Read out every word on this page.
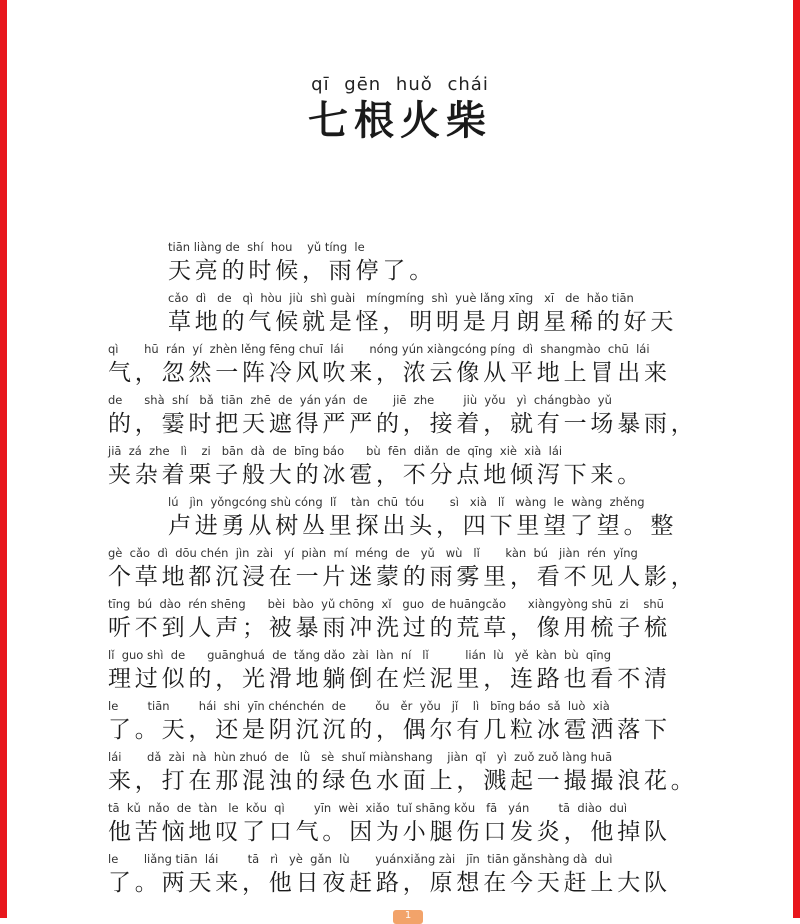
qī gēn huǒ chái
七根火柴
tiān liàng de  shí  hou    yǔ tíng  le
天亮的时候，雨停了。
cǎo  dì   de   qì  hòu  jiù  shì guài   míngmíng  shì  yuè lǎng xīng   xī   de  hǎo tiān
草地的气候就是怪，明明是月朗星稀的好天
qì       hū  rán  yí  zhèn lěng fēng chuī  lái       nóng yún xiàngcóng píng  dì  shangmào  chū  lái
气，忽然一阵冷风吹来，浓云像从平地上冒出来
de      shà  shí   bǎ  tiān  zhē  de  yán yán  de       jiē  zhe        jiù  yǒu   yì  chángbào  yǔ
的，霎时把天遮得严严的，接着，就有一场暴雨，
jiā  zá  zhe   lì    zi   bān  dà  de  bīng báo      bù  fēn  diǎn  de  qīng  xiè  xià  lái
夹杂着栗子般大的冰雹，不分点地倾泻下来。
lú   jìn  yǒngcóng shù cóng  lǐ    tàn  chū  tóu       sì   xià   lǐ   wàng  le  wàng  zhěng
卢进勇从树丛里探出头，四下里望了望。整
gè  cǎo  dì  dōu chén  jìn  zài   yí  piàn  mí  méng  de   yǔ   wù   lǐ       kàn  bú   jiàn  rén  yǐng
个草地都沉浸在一片迷蒙的雨雾里，看不见人影，
tīng  bú  dào  rén shēng      bèi  bào  yǔ chōng  xǐ   guo  de huāngcǎo      xiàngyòng shū  zi    shū
听不到人声；被暴雨冲洗过的荒草，像用梳子梳
lǐ  guo shì  de      guānghuá  de  tǎng dǎo  zài  làn  ní   lǐ          lián  lù   yě  kàn  bù  qīng
理过似的，光滑地躺倒在烂泥里，连路也看不清
le        tiān        hái  shi  yīn chénchén  de        ǒu   ěr  yǒu   jǐ    lì   bīng báo  sǎ  luò  xià
了。天，还是阴沉沉的，偶尔有几粒冰雹洒落下
lái       dǎ  zài  nà  hùn zhuó  de   lǜ   sè  shuǐ miànshang    jiàn  qǐ   yì  zuǒ zuǒ làng huā
来，打在那混浊的绿色水面上，溅起一撮撮浪花。
tā  kǔ  nǎo  de  tàn   le  kǒu  qì        yīn  wèi  xiǎo  tuǐ shāng kǒu   fā   yán        tā  diào  duì
他苦恼地叹了口气。因为小腿伤口发炎，他掉队
le       liǎng tiān  lái        tā   rì   yè  gǎn  lù       yuánxiǎng zài   jīn  tiān gǎnshàng dà  duì
了。两天来，他日夜赶路，原想在今天赶上大队
1
